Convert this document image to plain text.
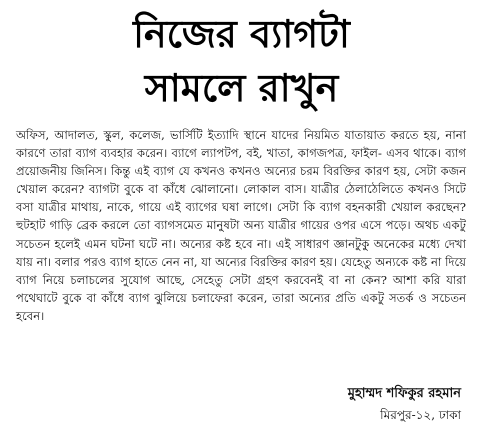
নিজের ব্যাগটা
সামলে রাখুন

অফিস, আদালত, স্কুল, কলেজ, ভার্সিটি ইত্যাদি স্থানে যাদের নিয়মিত যাতায়াত করতে হয়, নানা কারণে তারা ব্যাগ ব্যবহার করেন। ব্যাগে ল্যাপটপ, বই, খাতা, কাগজপত্র, ফাইল- এসব থাকে। ব্যাগ প্রয়োজনীয় জিনিস। কিন্তু এই ব্যাগ যে কখনও কখনও অন্যের চরম বিরক্তির কারণ হয়, সেটা কজন খেয়াল করেন? ব্যাগটা বুকে বা কাঁধে ঝোলানো। লোকাল বাস। যাত্রীর ঠেলাঠেলিতে কখনও সিটে বসা যাত্রীর মাথায়, নাকে, গায়ে এই ব্যাগের ঘষা লাগে। সেটা কি ব্যাগ বহনকারী খেয়াল করছেন? হুটহাট গাড়ি ব্রেক করলে তো ব্যাগসমেত মানুষটা অন্য যাত্রীর গায়ের ওপর এসে পড়ে। অথচ একটু সচেতন হলেই এমন ঘটনা ঘটে না। অন্যের কষ্ট হবে না। এই সাধারণ জ্ঞানটুকু অনেকের মধ্যে দেখা যায় না। বলার পরও ব্যাগ হাতে নেন না, যা অন্যের বিরক্তির কারণ হয়। যেহেতু অন্যকে কষ্ট না দিয়ে ব্যাগ নিয়ে চলাচলের সুযোগ আছে, সেহেতু সেটা গ্রহণ করবেনই বা না কেন? আশা করি যারা পথেঘাটে বুকে বা কাঁধে ব্যাগ ঝুলিয়ে চলাফেরা করেন, তারা অন্যের প্রতি একটু সতর্ক ও সচেতন হবেন।

মুহাম্মদ শফিকুর রহমান

মিরপুর-১২, ঢাকা
